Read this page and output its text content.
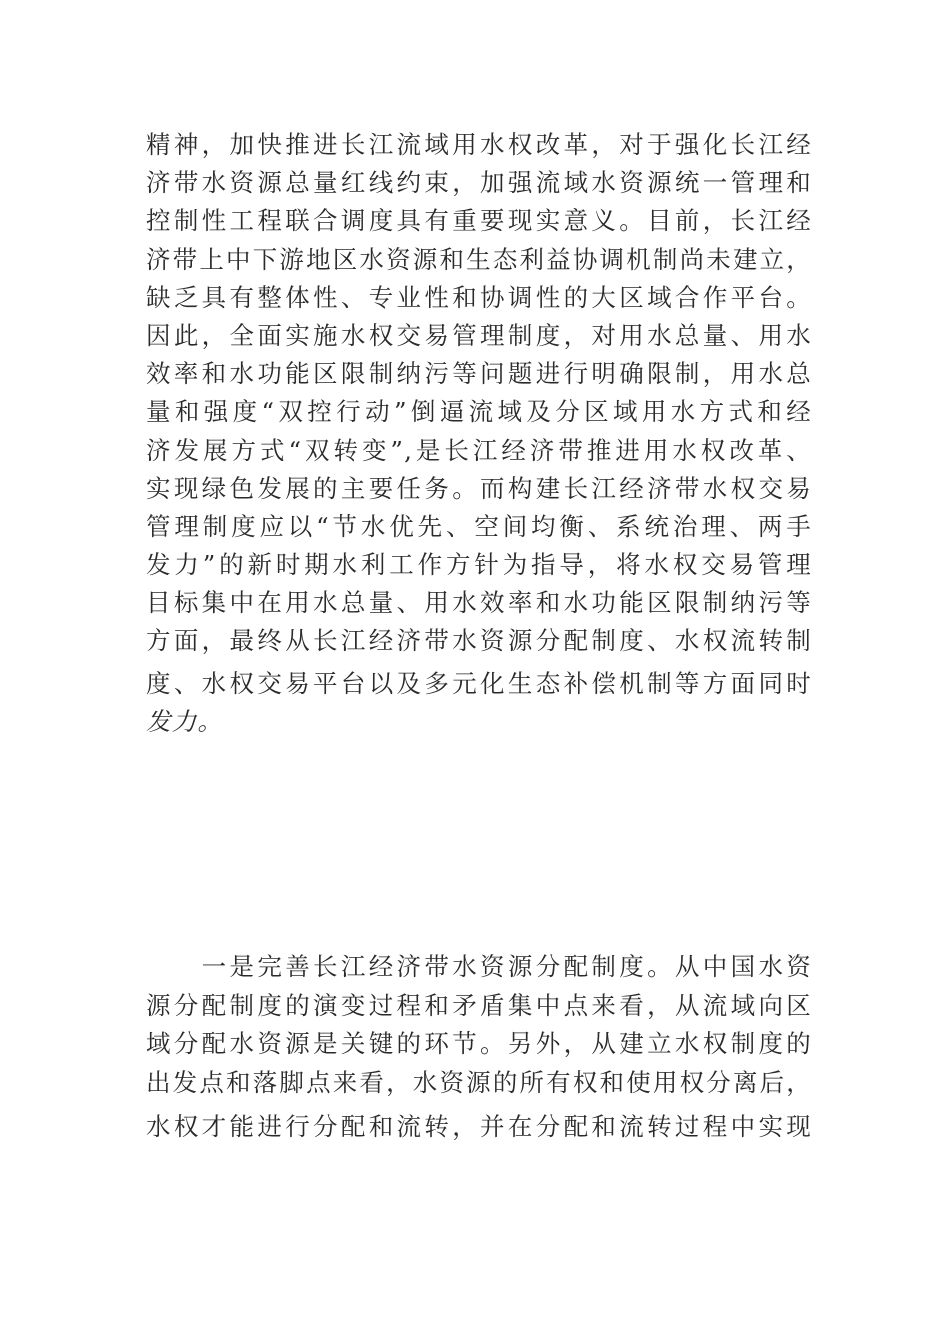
精神，加快推进长江流域用水权改革，对于强化长江经
济带水资源总量红线约束，加强流域水资源统一管理和
控制性工程联合调度具有重要现实意义。目前，长江经
济带上中下游地区水资源和生态利益协调机制尚未建立，
缺乏具有整体性、专业性和协调性的大区域合作平台。
因此，全面实施水权交易管理制度，对用水总量、用水
效率和水功能区限制纳污等问题进行明确限制，用水总
量和强度“双控行动”倒逼流域及分区域用水方式和经
济发展方式“双转变”,是长江经济带推进用水权改革、
实现绿色发展的主要任务。而构建长江经济带水权交易
管理制度应以“节水优先、空间均衡、系统治理、两手
发力”的新时期水利工作方针为指导，将水权交易管理
目标集中在用水总量、用水效率和水功能区限制纳污等
方面，最终从长江经济带水资源分配制度、水权流转制
度、水权交易平台以及多元化生态补偿机制等方面同时
发力。
　　一是完善长江经济带水资源分配制度。从中国水资
源分配制度的演变过程和矛盾集中点来看，从流域向区
域分配水资源是关键的环节。另外，从建立水权制度的
出发点和落脚点来看，水资源的所有权和使用权分离后，
水权才能进行分配和流转，并在分配和流转过程中实现
